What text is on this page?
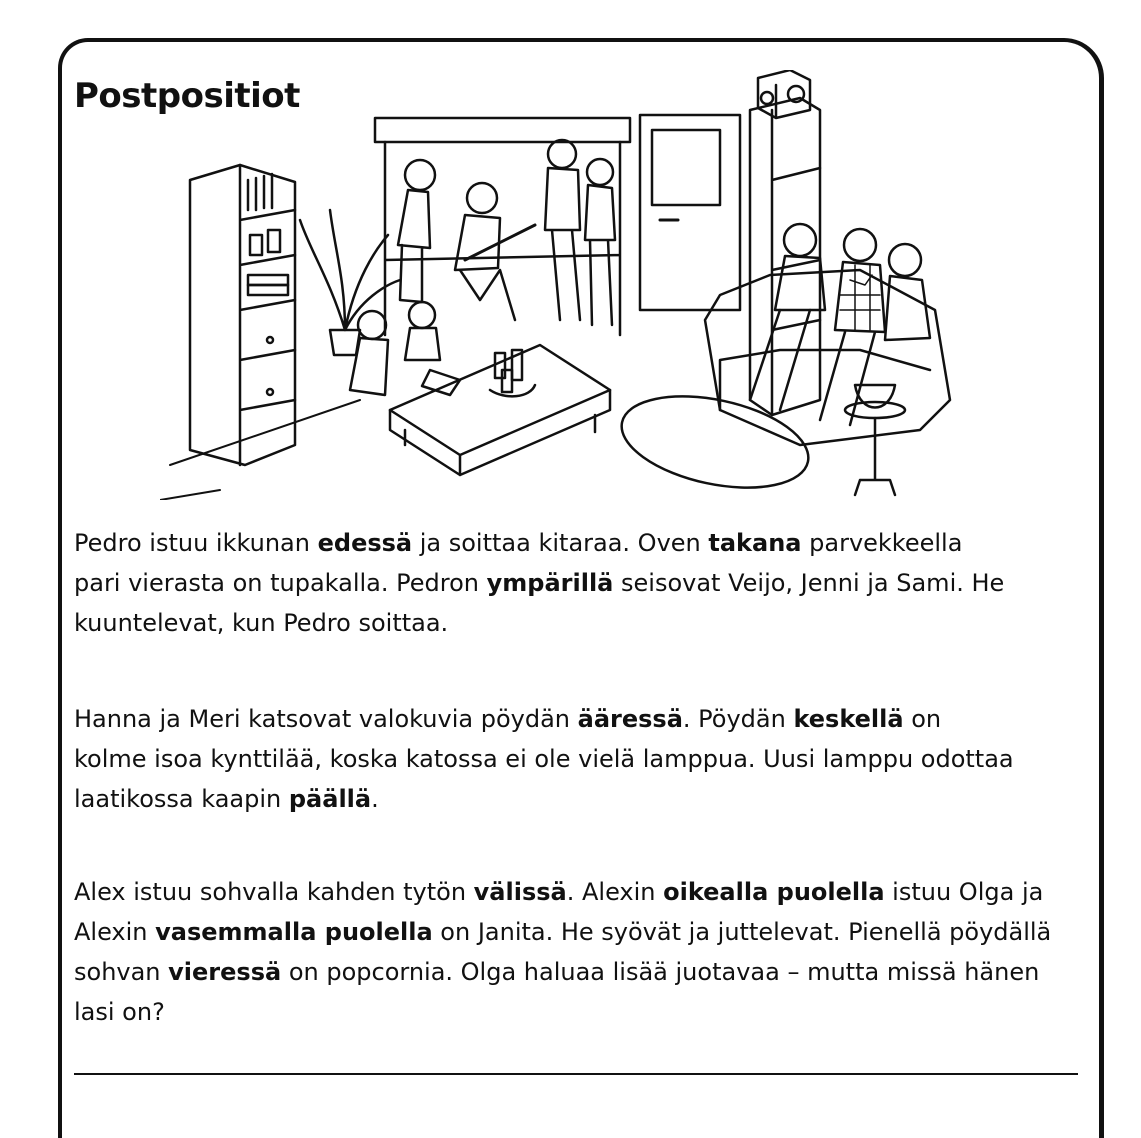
Postpositiot

Pedro istuu ikkunan edessä ja soittaa kitaraa. Oven takana parvekkeella
pari vierasta on tupakalla. Pedron ympärillä seisovat Veijo, Jenni ja Sami. He
kuuntelevat, kun Pedro soittaa.

Hanna ja Meri katsovat valokuvia pöydän ääressä. Pöydän keskellä on
kolme isoa kynttilää, koska katossa ei ole vielä lamppua. Uusi lamppu odottaa
laatikossa kaapin päällä.

Alex istuu sohvalla kahden tytön välissä. Alexin oikealla puolella istuu Olga ja
Alexin vasemmalla puolella on Janita. He syövät ja juttelevat. Pienellä pöydällä
sohvan vieressä on popcornia. Olga haluaa lisää juotavaa – mutta missä hänen
lasi on?
